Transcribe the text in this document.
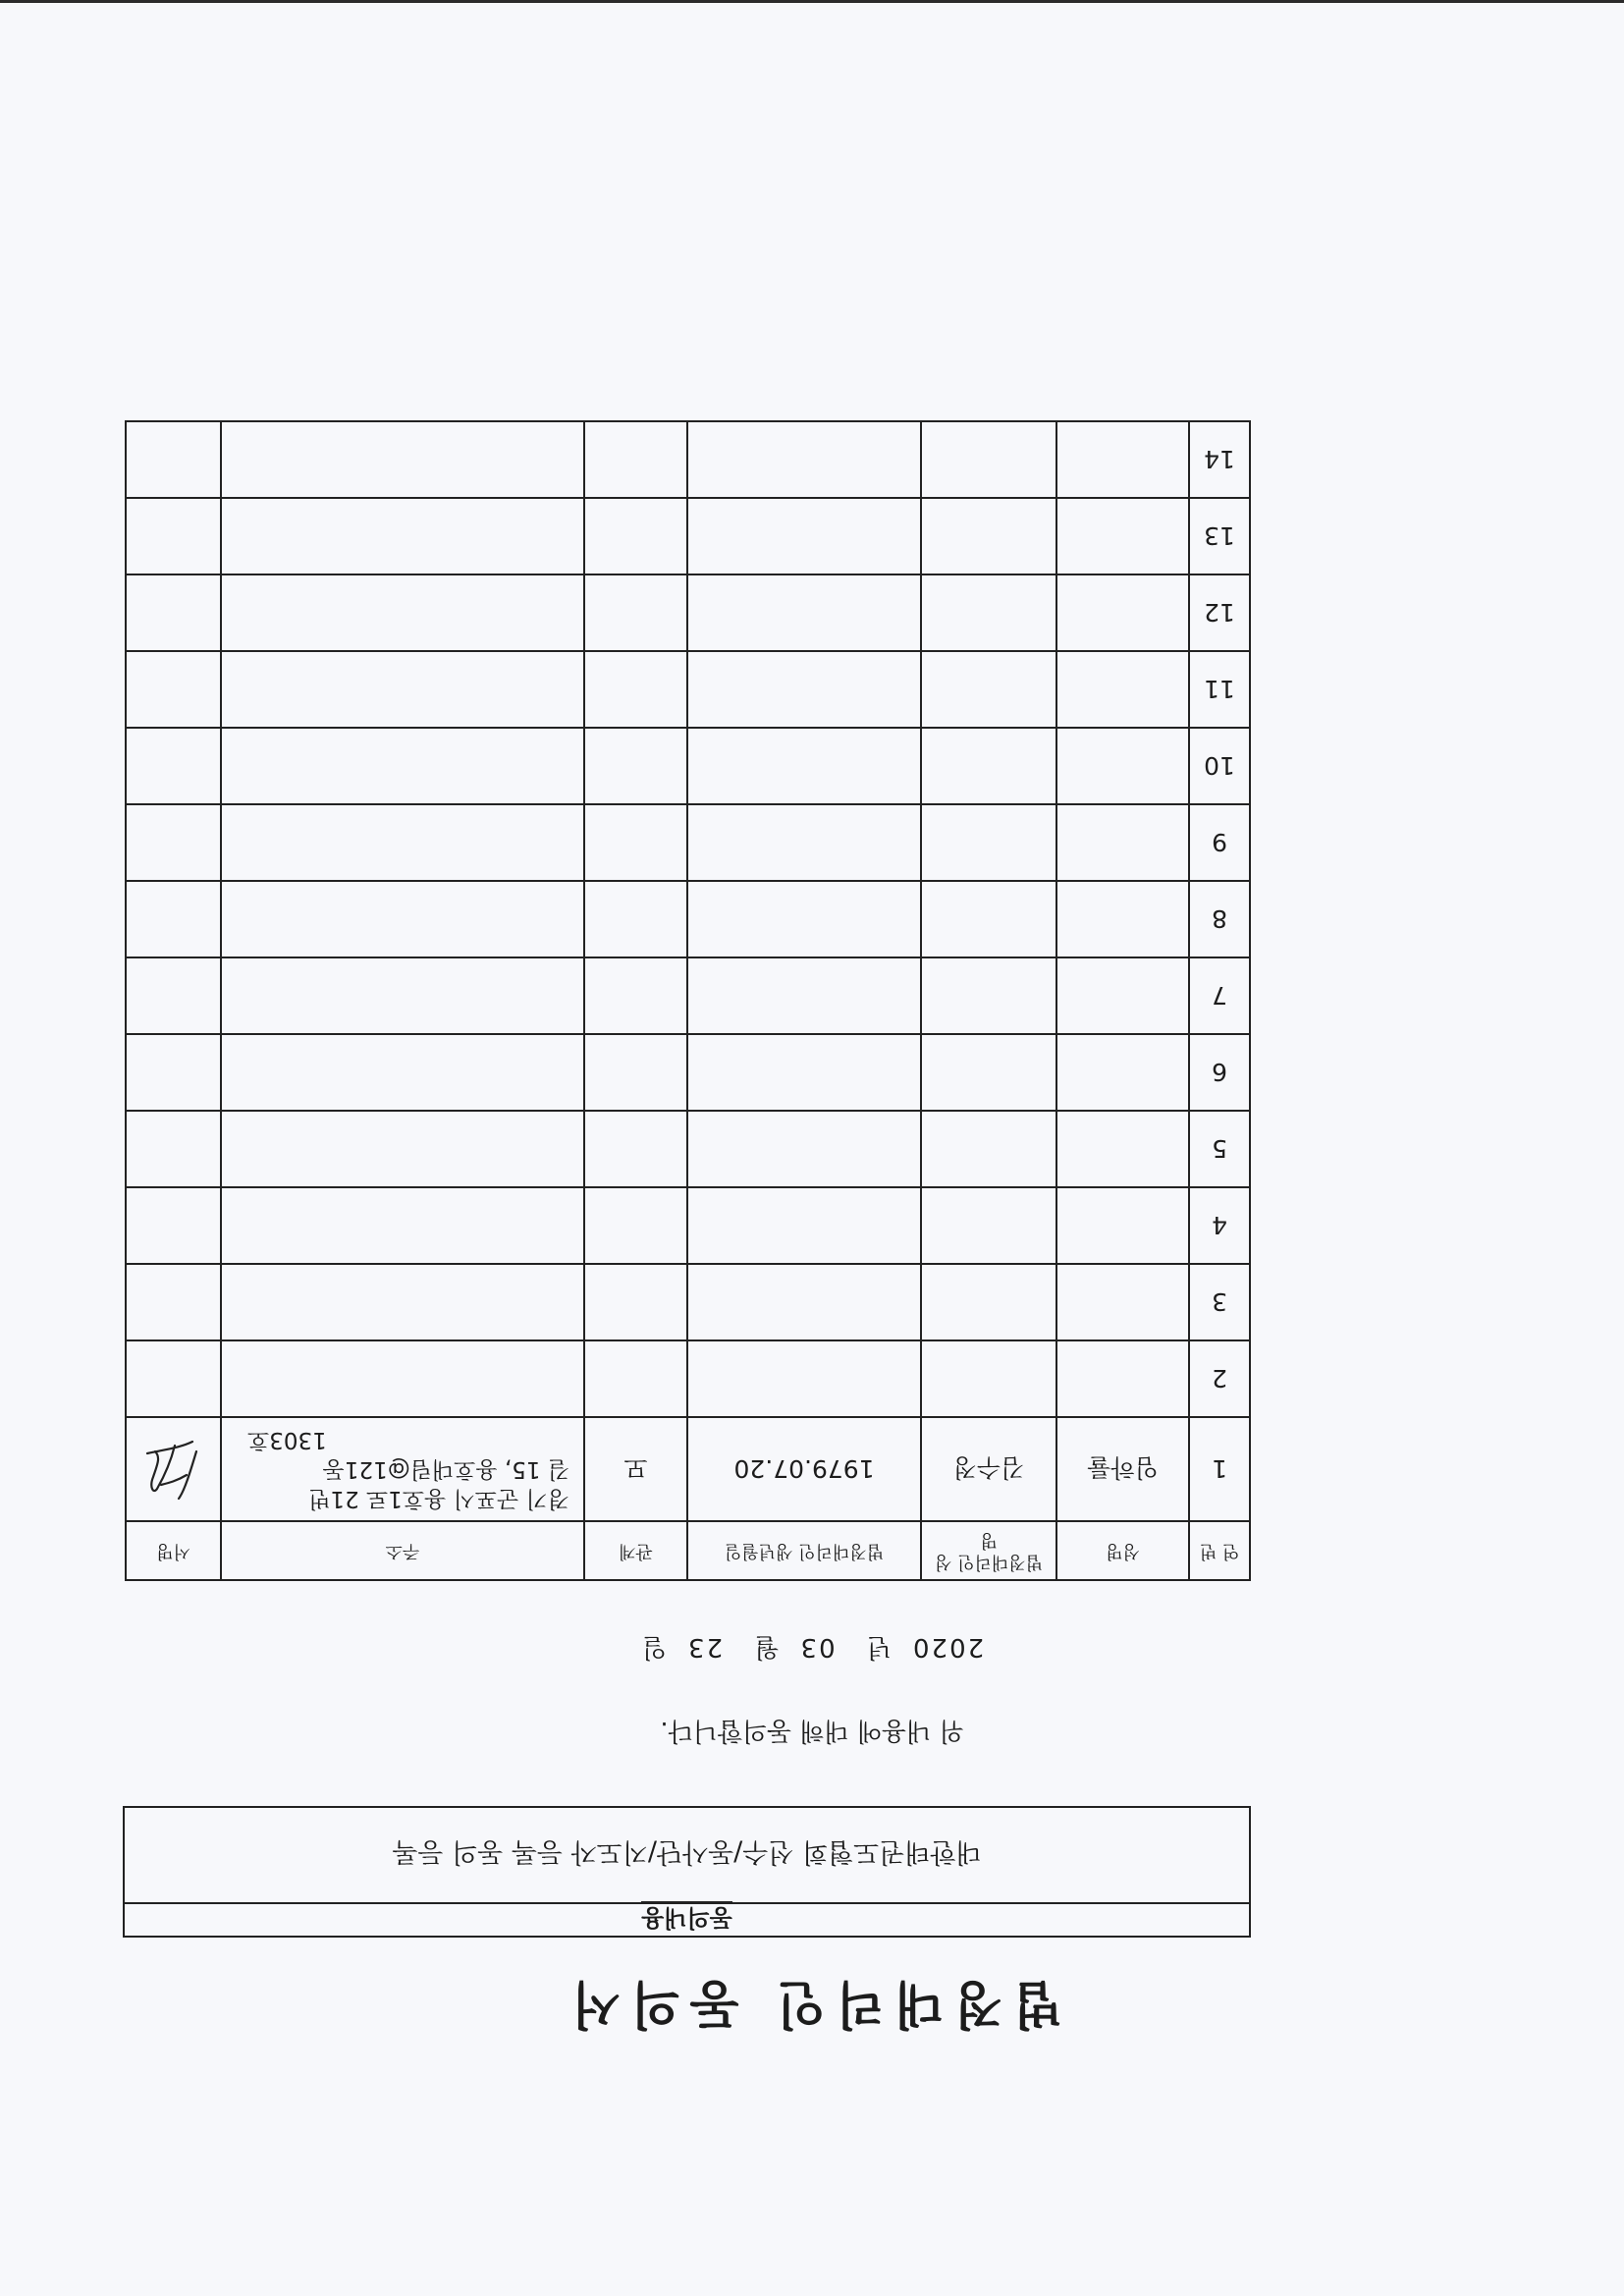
법정대리인 동의서
동의내용
대한태권도협회 선수/동사단/지도자 등록 동의 등록
위 내용에 대해 동의합니다.
2020년 03월 23일
연 번	성명	법정대리인 성명	법정대리인 생년월일	관계	주소	서명
1	임하률	김수정	1979.07.20	모	경기 군포시 용호1로 21번
길 15, 용호대림@121동
1303호

2					

3					

4					

5					

6					

7					

8					

9					

10					

11					

12					

13					

14					
